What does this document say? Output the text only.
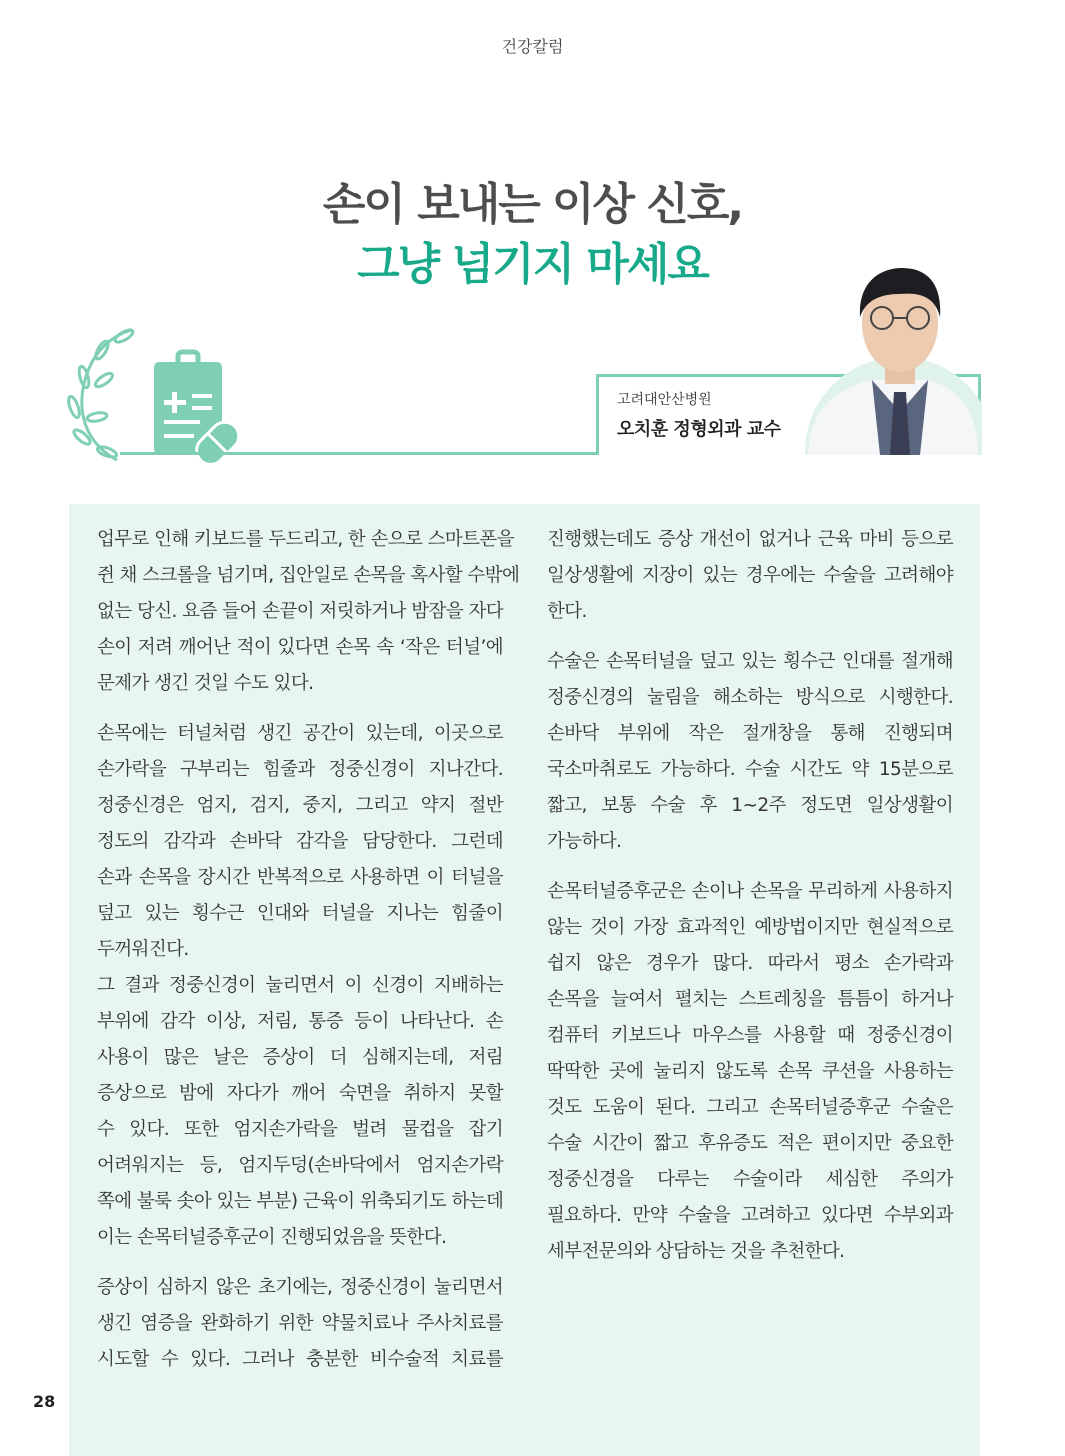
건강칼럼
손이 보내는 이상 신호,
그냥 넘기지 마세요
고려대안산병원
오치훈 정형외과 교수
업무로 인해 키보드를 두드리고, 한 손으로 스마트폰을
쥔 채 스크롤을 넘기며, 집안일로 손목을 혹사할 수밖에
없는 당신. 요즘 들어 손끝이 저릿하거나 밤잠을 자다
손이 저려 깨어난 적이 있다면 손목 속 ‘작은 터널’에
문제가 생긴 것일 수도 있다.
손목에는 터널처럼 생긴 공간이 있는데, 이곳으로
손가락을 구부리는 힘줄과 정중신경이 지나간다.
정중신경은 엄지, 검지, 중지, 그리고 약지 절반
정도의 감각과 손바닥 감각을 담당한다. 그런데
손과 손목을 장시간 반복적으로 사용하면 이 터널을
덮고 있는 횡수근 인대와 터널을 지나는 힘줄이
두꺼워진다.
그 결과 정중신경이 눌리면서 이 신경이 지배하는
부위에 감각 이상, 저림, 통증 등이 나타난다. 손
사용이 많은 날은 증상이 더 심해지는데, 저림
증상으로 밤에 자다가 깨어 숙면을 취하지 못할
수 있다. 또한 엄지손가락을 벌려 물컵을 잡기
어려워지는 등, 엄지두덩(손바닥에서 엄지손가락
쪽에 불룩 솟아 있는 부분) 근육이 위축되기도 하는데
이는 손목터널증후군이 진행되었음을 뜻한다.
증상이 심하지 않은 초기에는, 정중신경이 눌리면서
생긴 염증을 완화하기 위한 약물치료나 주사치료를
시도할 수 있다. 그러나 충분한 비수술적 치료를
진행했는데도 증상 개선이 없거나 근육 마비 등으로
일상생활에 지장이 있는 경우에는 수술을 고려해야
한다.
수술은 손목터널을 덮고 있는 횡수근 인대를 절개해
정중신경의 눌림을 해소하는 방식으로 시행한다.
손바닥 부위에 작은 절개창을 통해 진행되며
국소마취로도 가능하다. 수술 시간도 약 15분으로
짧고, 보통 수술 후 1~2주 정도면 일상생활이
가능하다.
손목터널증후군은 손이나 손목을 무리하게 사용하지
않는 것이 가장 효과적인 예방법이지만 현실적으로
쉽지 않은 경우가 많다. 따라서 평소 손가락과
손목을 늘여서 펼치는 스트레칭을 틈틈이 하거나
컴퓨터 키보드나 마우스를 사용할 때 정중신경이
딱딱한 곳에 눌리지 않도록 손목 쿠션을 사용하는
것도 도움이 된다. 그리고 손목터널증후군 수술은
수술 시간이 짧고 후유증도 적은 편이지만 중요한
정중신경을 다루는 수술이라 세심한 주의가
필요하다. 만약 수술을 고려하고 있다면 수부외과
세부전문의와 상담하는 것을 추천한다.
28
